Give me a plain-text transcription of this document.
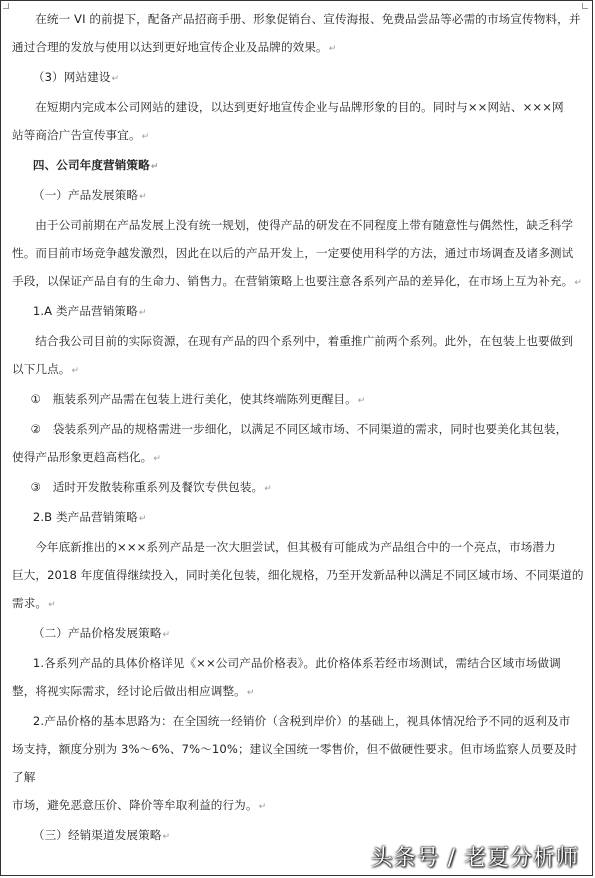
在统一 VI 的前提下，配备产品招商手册、形象促销台、宣传海报、免费品尝品等必需的市场宣传物料，并

通过合理的发放与使用以达到更好地宣传企业及品牌的效果。↵

（3）网站建设↵

在短期内完成本公司网站的建设，以达到更好地宣传企业与品牌形象的目的。同时与××网站、×××网

站等商洽广告宣传事宜。↵

四、公司年度营销策略↵

（一）产品发展策略↵

由于公司前期在产品发展上没有统一规划，使得产品的研发在不同程度上带有随意性与偶然性，缺乏科学

性。而目前市场竞争越发激烈，因此在以后的产品开发上，一定要使用科学的方法，通过市场调查及诸多测试

手段，以保证产品自有的生命力、销售力。在营销策略上也要注意各系列产品的差异化，在市场上互为补充。↵

1.A 类产品营销策略↵

结合我公司目前的实际资源，在现有产品的四个系列中，着重推广前两个系列。此外，在包装上也要做到

以下几点。↵

①　瓶装系列产品需在包装上进行美化，使其终端陈列更醒目。↵

②　袋装系列产品的规格需进一步细化，以满足不同区域市场、不同渠道的需求，同时也要美化其包装，

使得产品形象更趋高档化。↵

③　适时开发散装称重系列及餐饮专供包装。↵

2.B 类产品营销策略↵

今年底新推出的×××系列产品是一次大胆尝试，但其极有可能成为产品组合中的一个亮点，市场潜力

巨大，2018 年度值得继续投入，同时美化包装，细化规格，乃至开发新品种以满足不同区域市场、不同渠道的

需求。↵

（二）产品价格发展策略↵

1.各系列产品的具体价格详见《××公司产品价格表》。此价格体系若经市场测试，需结合区域市场做调

整，将视实际需求，经讨论后做出相应调整。↵

2.产品价格的基本思路为：在全国统一经销价（含税到岸价）的基础上，视具体情况给予不同的返利及市

场支持，额度分别为 3%～6%、7%～10%；建议全国统一零售价，但不做硬性要求。但市场监察人员要及时了解

市场，避免恶意压价、降价等牟取利益的行为。↵

（三）经销渠道发展策略↵

头条号 / 老夏分析师
